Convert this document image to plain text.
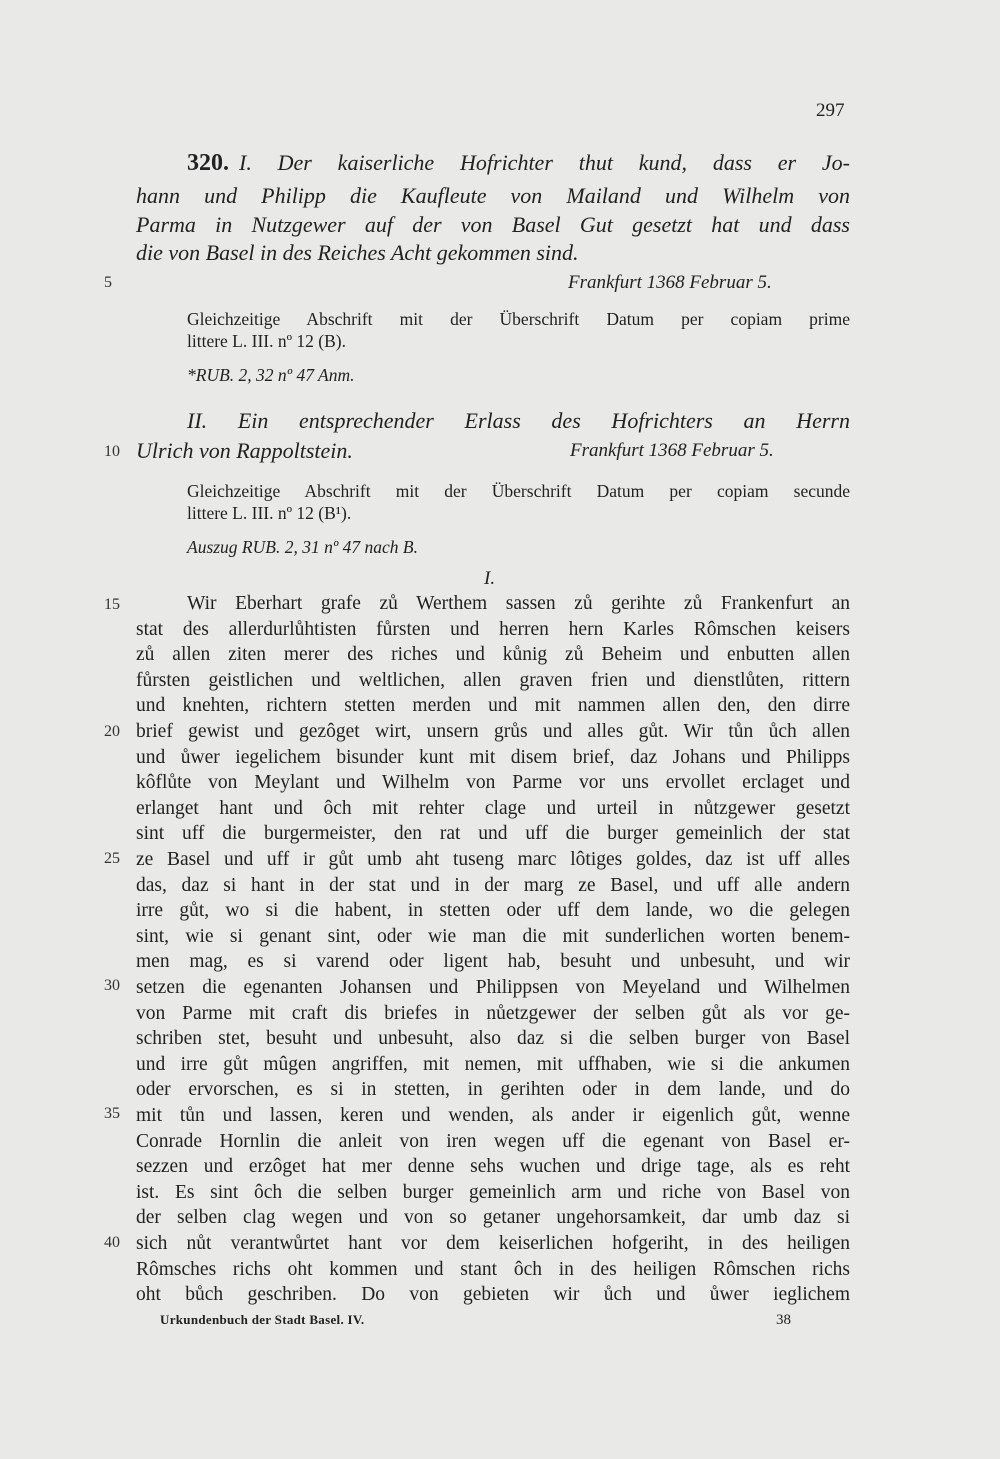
297
320. I. Der kaiserliche Hofrichter thut kund, dass er Jo-
hann und Philipp die Kaufleute von Mailand und Wilhelm von
Parma in Nutzgewer auf der von Basel Gut gesetzt hat und dass
die von Basel in des Reiches Acht gekommen sind.
Frankfurt 1368 Februar 5.
Gleichzeitige Abschrift mit der Überschrift Datum per copiam prime
littere L. III. nº 12 (B).
*RUB. 2, 32 nº 47 Anm.
II. Ein entsprechender Erlass des Hofrichters an Herrn
Ulrich von Rappoltstein.	Frankfurt 1368 Februar 5.
Gleichzeitige Abschrift mit der Überschrift Datum per copiam secunde
littere L. III. nº 12 (B¹).
Auszug RUB. 2, 31 nº 47 nach B.
I.
Wir Eberhart grafe zů Werthem sassen zů gerihte zů Frankenfurt an
stat des allerdurlůhtisten fůrsten und herren hern Karles Rômschen keisers
zů allen ziten merer des riches und kůnig zů Beheim und enbutten allen
fůrsten geistlichen und weltlichen, allen graven frien und dienstlůten, rittern
und knehten, richtern stetten merden und mit nammen allen den, den dirre
brief gewist und gezôget wirt, unsern grůs und alles gůt. Wir tůn ůch allen
und ůwer iegelichem bisunder kunt mit disem brief, daz Johans und Philipps
kôflůte von Meylant und Wilhelm von Parme vor uns ervollet erclaget und
erlanget hant und ôch mit rehter clage und urteil in nůtzgewer gesetzt
sint uff die burgermeister, den rat und uff die burger gemeinlich der stat
ze Basel und uff ir gůt umb aht tuseng marc lôtiges goldes, daz ist uff alles
das, daz si hant in der stat und in der marg ze Basel, und uff alle andern
irre gůt, wo si die habent, in stetten oder uff dem lande, wo die gelegen
sint, wie si genant sint, oder wie man die mit sunderlichen worten benem-
men mag, es si varend oder ligent hab, besuht und unbesuht, und wir
setzen die egenanten Johansen und Philippsen von Meyeland und Wilhelmen
von Parme mit craft dis briefes in nůetzgewer der selben gůt als vor ge-
schriben stet, besuht und unbesuht, also daz si die selben burger von Basel
und irre gůt mûgen angriffen, mit nemen, mit uffhaben, wie si die ankumen
oder ervorschen, es si in stetten, in gerihten oder in dem lande, und do
mit tůn und lassen, keren und wenden, als ander ir eigenlich gůt, wenne
Conrade Hornlin die anleit von iren wegen uff die egenant von Basel er-
sezzen und erzôget hat mer denne sehs wuchen und drige tage, als es reht
ist. Es sint ôch die selben burger gemeinlich arm und riche von Basel von
der selben clag wegen und von so getaner ungehorsamkeit, dar umb daz si
sich nůt verantwůrtet hant vor dem keiserlichen hofgeriht, in des heiligen
Rômsches richs oht kommen und stant ôch in des heiligen Rômschen richs
oht bůch geschriben. Do von gebieten wir ůch und ůwer ieglichem
5
10
15
20
25
30
35
40
Urkundenbuch der Stadt Basel. IV.	38
